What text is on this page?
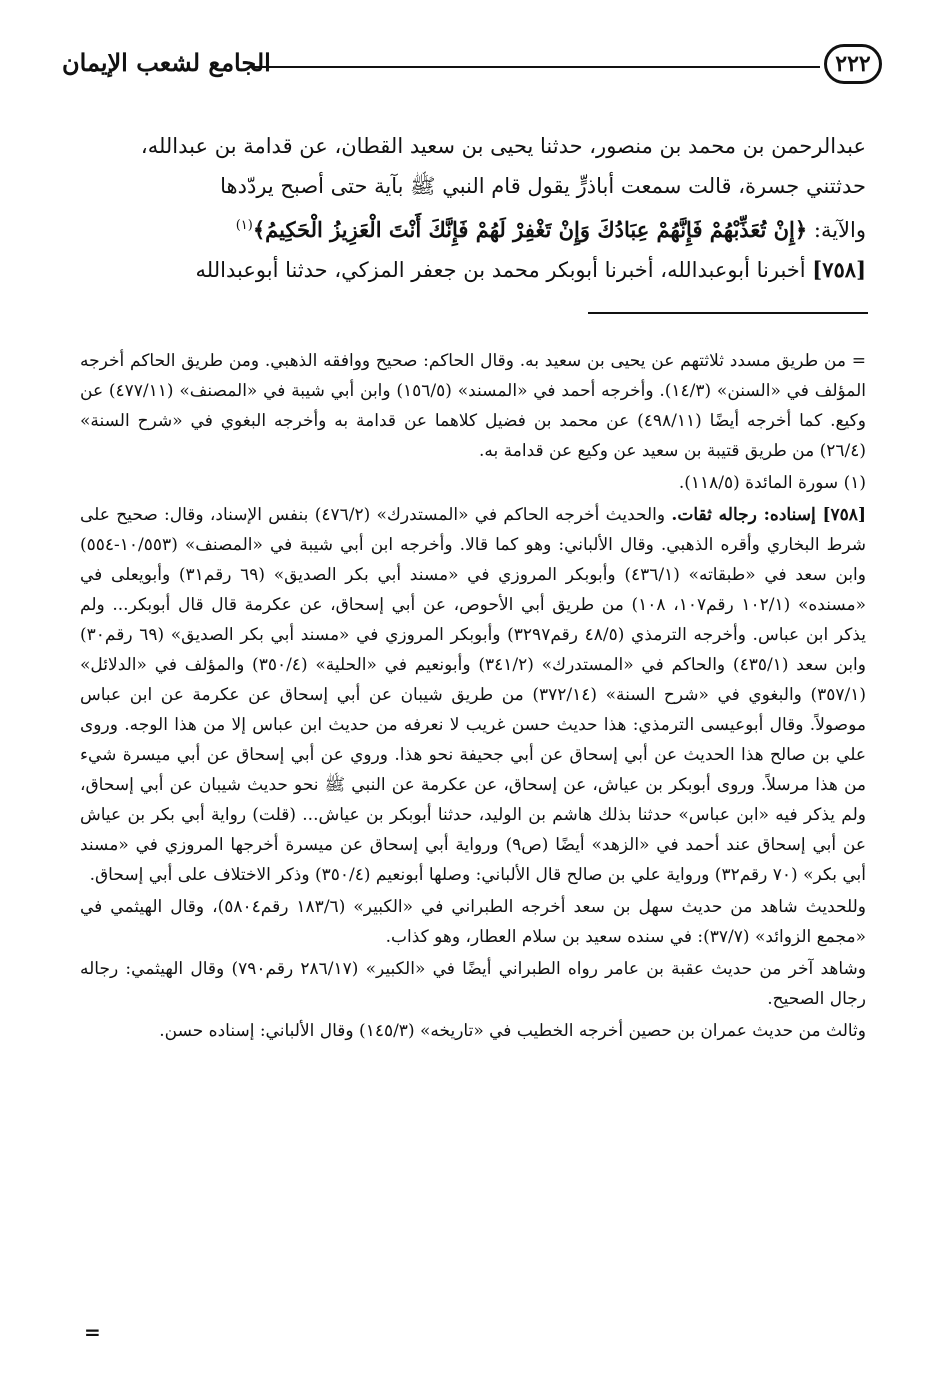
٢٢٢
الجامع لشعب الإيمان

عبدالرحمن بن محمد بن منصور، حدثنا يحيى بن سعيد القطان، عن قدامة بن عبدالله،

حدثتني جسرة، قالت سمعت أباذرٍّ يقول قام النبي ﷺ بآية حتى أصبح يردّدها

والآية: ﴿إِنْ تُعَذِّبْهُمْ فَإِنَّهُمْ عِبَادُكَ وَإِنْ تَغْفِرْ لَهُمْ فَإِنَّكَ أَنْتَ الْعَزِيزُ الْحَكِيمُ﴾$^{(١)}$

[٧٥٨] أخبرنا أبوعبدالله، أخبرنا أبوبكر محمد بن جعفر المزكي، حدثنا أبوعبدالله

= من طريق مسدد ثلاثتهم عن يحيى بن سعيد به. وقال الحاكم: صحيح ووافقه الذهبي. ومن طريق الحاكم أخرجه المؤلف في «السنن» (١٤/٣). وأخرجه أحمد في «المسند» (١٥٦/٥) وابن أبي شيبة في «المصنف» (٤٧٧/١١) عن وكيع. كما أخرجه أيضًا (٤٩٨/١١) عن محمد بن فضيل كلاهما عن قدامة به وأخرجه البغوي في «شرح السنة» (٢٦/٤) من طريق قتيبة بن سعيد عن وكيع عن قدامة به.

(١) سورة المائدة (١١٨/٥).

[٧٥٨] إسناده: رجاله ثقات. والحديث أخرجه الحاكم في «المستدرك» (٤٧٦/٢) بنفس الإسناد، وقال: صحيح على شرط البخاري وأقره الذهبي. وقال الألباني: وهو كما قالا. وأخرجه ابن أبي شيبة في «المصنف» (١٠/٥٥٣-٥٥٤) وابن سعد في «طبقاته» (٤٣٦/١) وأبوبكر المروزي في «مسند أبي بكر الصديق» (٦٩ رقم٣١) وأبويعلى في «مسنده» (١٠٢/١ رقم١٠٧، ١٠٨) من طريق أبي الأحوص، عن أبي إسحاق، عن عكرمة قال قال أبوبكر... ولم يذكر ابن عباس. وأخرجه الترمذي (٤٨/٥ رقم٣٢٩٧) وأبوبكر المروزي في «مسند أبي بكر الصديق» (٦٩ رقم٣٠) وابن سعد (٤٣٥/١) والحاكم في «المستدرك» (٣٤١/٢) وأبونعيم في «الحلية» (٣٥٠/٤) والمؤلف في «الدلائل» (٣٥٧/١) والبغوي في «شرح السنة» (٣٧٢/١٤) من طريق شيبان عن أبي إسحاق عن عكرمة عن ابن عباس موصولاً. وقال أبوعيسى الترمذي: هذا حديث حسن غريب لا نعرفه من حديث ابن عباس إلا من هذا الوجه. وروى علي بن صالح هذا الحديث عن أبي إسحاق عن أبي جحيفة نحو هذا. وروي عن أبي إسحاق عن أبي ميسرة شيء من هذا مرسلاً. وروى أبوبكر بن عياش، عن إسحاق، عن عكرمة عن النبي ﷺ نحو حديث شيبان عن أبي إسحاق، ولم يذكر فيه «ابن عباس» حدثنا بذلك هاشم بن الوليد، حدثنا أبوبكر بن عياش... (قلت) رواية أبي بكر بن عياش عن أبي إسحاق عند أحمد في «الزهد» أيضًا (ص٩) ورواية أبي إسحاق عن ميسرة أخرجها المروزي في «مسند أبي بكر» (٧٠ رقم٣٢) ورواية علي بن صالح قال الألباني: وصلها أبونعيم (٣٥٠/٤) وذكر الاختلاف على أبي إسحاق.

وللحديث شاهد من حديث سهل بن سعد أخرجه الطبراني في «الكبير» (١٨٣/٦ رقم٥٨٠٤)، وقال الهيثمي في «مجمع الزوائد» (٣٧/٧): في سنده سعيد بن سلام العطار، وهو كذاب.

وشاهد آخر من حديث عقبة بن عامر رواه الطبراني أيضًا في «الكبير» (٢٨٦/١٧ رقم٧٩٠) وقال الهيثمي: رجاله رجال الصحيح.

وثالث من حديث عمران بن حصين أخرجه الخطيب في «تاريخه» (١٤٥/٣) وقال الألباني: إسناده حسن.

=
